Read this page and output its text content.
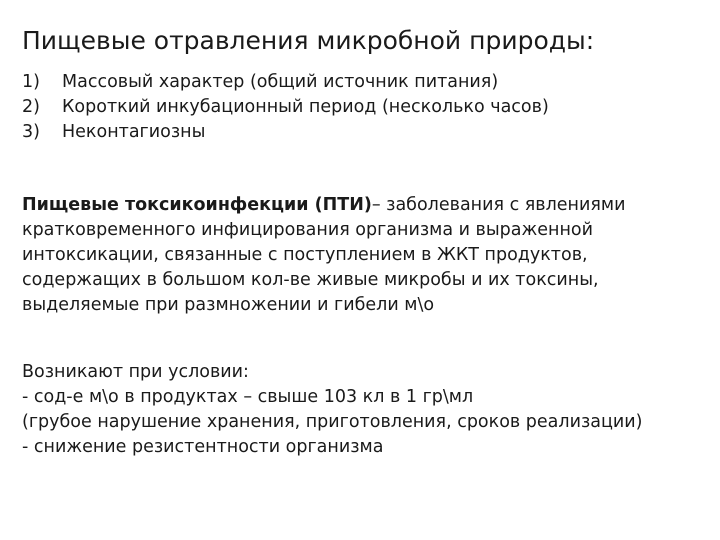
Пищевые отравления микробной природы:
1) Массовый характер (общий источник питания)
2) Короткий инкубационный период (несколько часов)
3) Неконтагиозны

Пищевые токсикоинфекции (ПТИ)– заболевания с явлениями кратковременного инфицирования организма и выраженной интоксикации, связанные с поступлением в ЖКТ продуктов, содержащих в большом кол-ве живые микробы и их токсины, выделяемые при размножении и гибели м\о

Возникают при условии:
- сод-е м\о в продуктах – свыше 103 кл в 1 гр\мл
(грубое нарушение хранения, приготовления, сроков реализации)
- снижение резистентности организма
